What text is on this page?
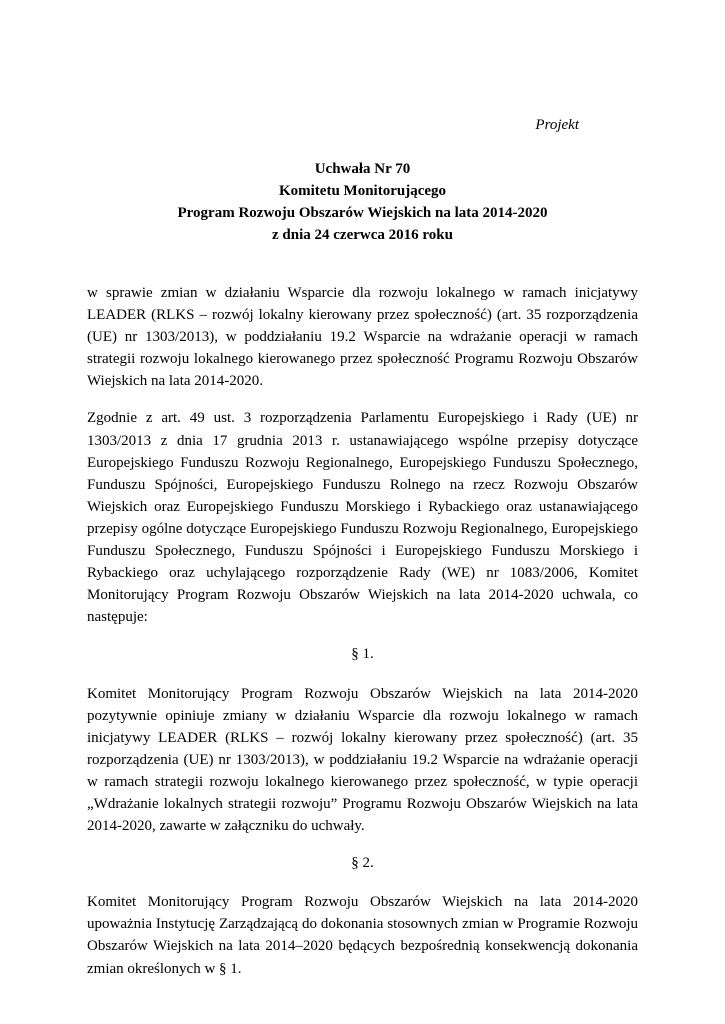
Projekt
Uchwała Nr 70
Komitetu Monitorującego
Program Rozwoju Obszarów Wiejskich na lata 2014-2020
z dnia 24 czerwca 2016 roku

w sprawie zmian w działaniu Wsparcie dla rozwoju lokalnego w ramach inicjatywy LEADER (RLKS – rozwój lokalny kierowany przez społeczność) (art. 35 rozporządzenia (UE) nr 1303/2013), w poddziałaniu 19.2 Wsparcie na wdrażanie operacji w ramach strategii rozwoju lokalnego kierowanego przez społeczność Programu Rozwoju Obszarów Wiejskich na lata 2014-2020.

Zgodnie z art. 49 ust. 3 rozporządzenia Parlamentu Europejskiego i Rady (UE) nr 1303/2013 z dnia 17 grudnia 2013 r. ustanawiającego wspólne przepisy dotyczące Europejskiego Funduszu Rozwoju Regionalnego, Europejskiego Funduszu Społecznego, Funduszu Spójności, Europejskiego Funduszu Rolnego na rzecz Rozwoju Obszarów Wiejskich oraz Europejskiego Funduszu Morskiego i Rybackiego oraz ustanawiającego przepisy ogólne dotyczące Europejskiego Funduszu Rozwoju Regionalnego, Europejskiego Funduszu Społecznego, Funduszu Spójności i Europejskiego Funduszu Morskiego i Rybackiego oraz uchylającego rozporządzenie Rady (WE) nr 1083/2006, Komitet Monitorujący Program Rozwoju Obszarów Wiejskich na lata 2014-2020 uchwala, co następuje:

§ 1.

Komitet Monitorujący Program Rozwoju Obszarów Wiejskich na lata 2014-2020 pozytywnie opiniuje zmiany w działaniu Wsparcie dla rozwoju lokalnego w ramach inicjatywy LEADER (RLKS – rozwój lokalny kierowany przez społeczność) (art. 35 rozporządzenia (UE) nr 1303/2013), w poddziałaniu 19.2 Wsparcie na wdrażanie operacji w ramach strategii rozwoju lokalnego kierowanego przez społeczność, w typie operacji „Wdrażanie lokalnych strategii rozwoju” Programu Rozwoju Obszarów Wiejskich na lata 2014-2020, zawarte w załączniku do uchwały.

§ 2.

Komitet Monitorujący Program Rozwoju Obszarów Wiejskich na lata 2014-2020 upoważnia Instytucję Zarządzającą do dokonania stosownych zmian w Programie Rozwoju Obszarów Wiejskich na lata 2014–2020 będących bezpośrednią konsekwencją dokonania zmian określonych w § 1.
